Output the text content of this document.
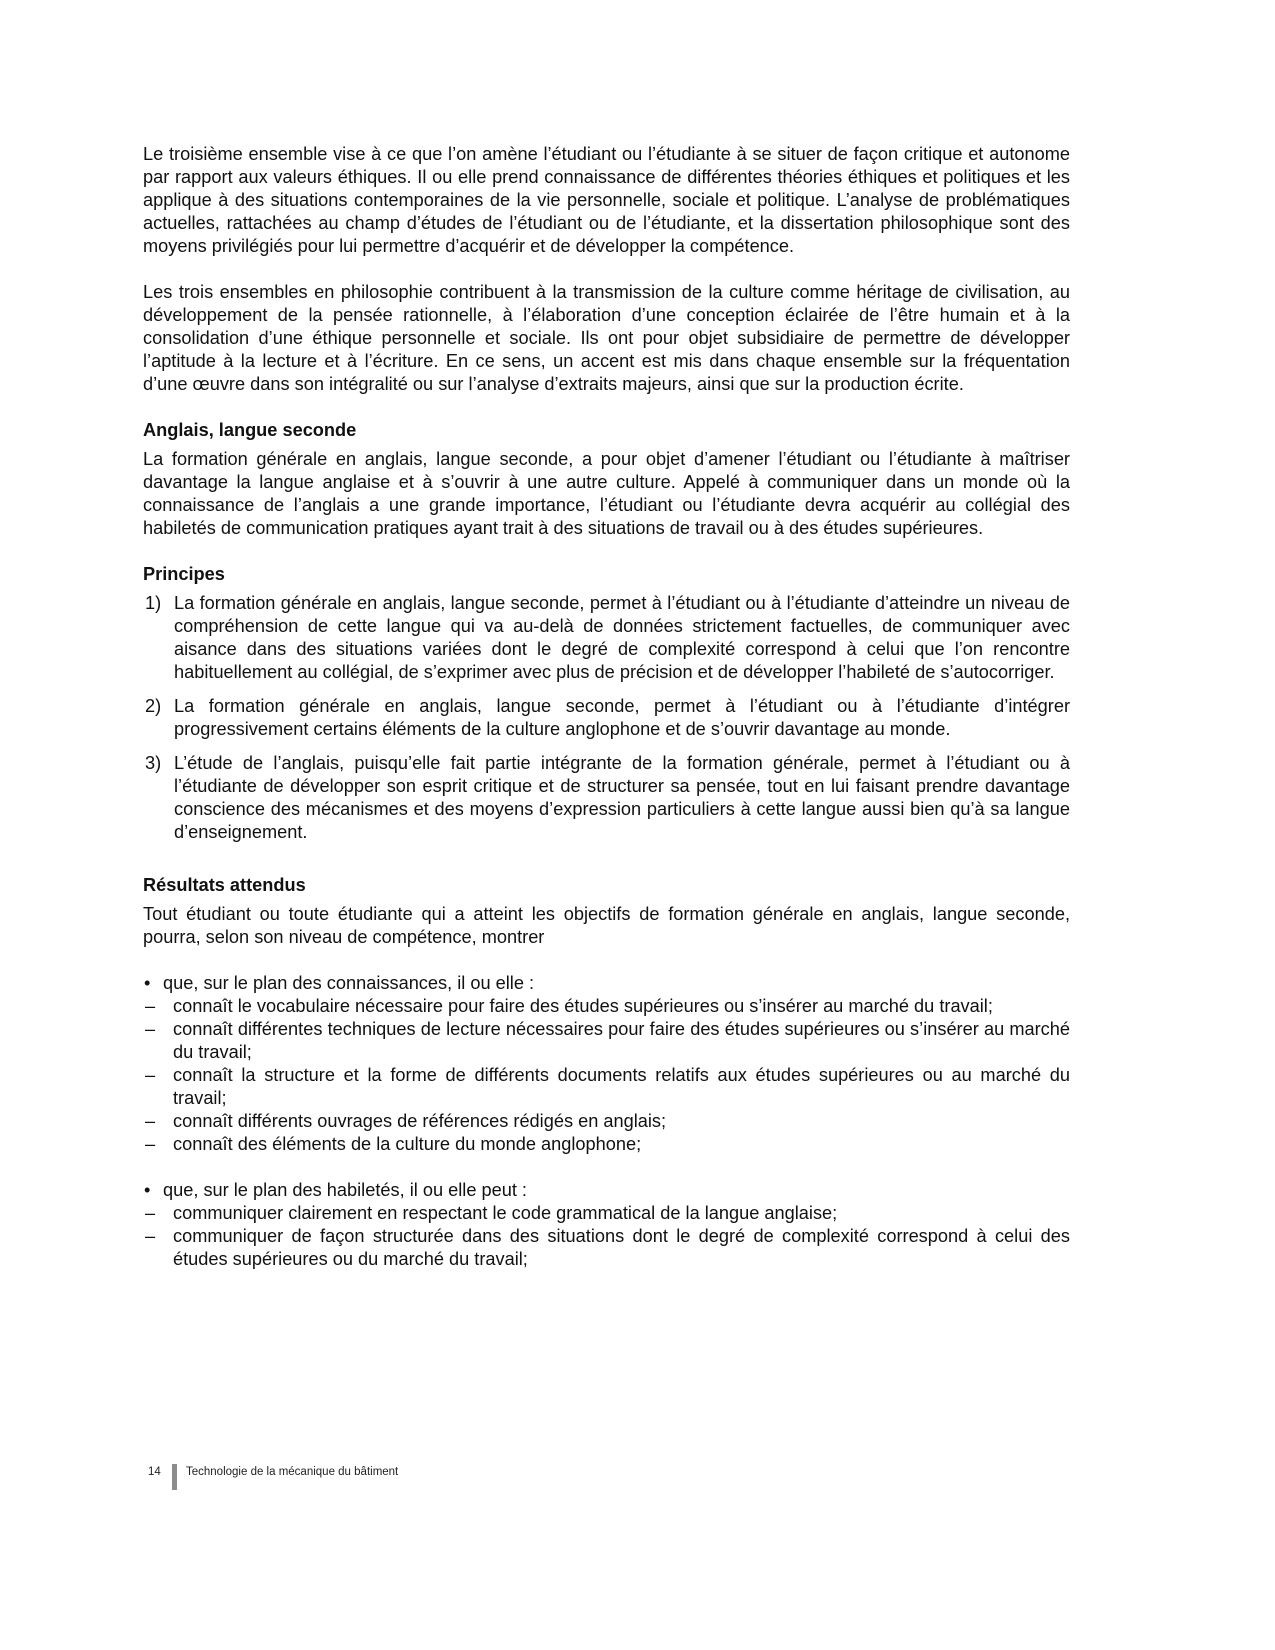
Le troisième ensemble vise à ce que l’on amène l’étudiant ou l’étudiante à se situer de façon critique et autonome par rapport aux valeurs éthiques. Il ou elle prend connaissance de différentes théories éthiques et politiques et les applique à des situations contemporaines de la vie personnelle, sociale et politique. L’analyse de problématiques actuelles, rattachées au champ d’études de l’étudiant ou de l’étudiante, et la dissertation philosophique sont des moyens privilégiés pour lui permettre d’acquérir et de développer la compétence.

Les trois ensembles en philosophie contribuent à la transmission de la culture comme héritage de civilisation, au développement de la pensée rationnelle, à l’élaboration d’une conception éclairée de l’être humain et à la consolidation d’une éthique personnelle et sociale. Ils ont pour objet subsidiaire de permettre de développer l’aptitude à la lecture et à l’écriture. En ce sens, un accent est mis dans chaque ensemble sur la fréquentation d’une œuvre dans son intégralité ou sur l’analyse d’extraits majeurs, ainsi que sur la production écrite.

Anglais, langue seconde

La formation générale en anglais, langue seconde, a pour objet d’amener l’étudiant ou l’étudiante à maîtriser davantage la langue anglaise et à s’ouvrir à une autre culture. Appelé à communiquer dans un monde où la connaissance de l’anglais a une grande importance, l’étudiant ou l’étudiante devra acquérir au collégial des habiletés de communication pratiques ayant trait à des situations de travail ou à des études supérieures.

Principes
1) La formation générale en anglais, langue seconde, permet à l’étudiant ou à l’étudiante d’atteindre un niveau de compréhension de cette langue qui va au-delà de données strictement factuelles, de communiquer avec aisance dans des situations variées dont le degré de complexité correspond à celui que l’on rencontre habituellement au collégial, de s’exprimer avec plus de précision et de développer l’habileté de s’autocorriger.
2) La formation générale en anglais, langue seconde, permet à l’étudiant ou à l’étudiante d’intégrer progressivement certains éléments de la culture anglophone et de s’ouvrir davantage au monde.
3) L’étude de l’anglais, puisqu’elle fait partie intégrante de la formation générale, permet à l’étudiant ou à l’étudiante de développer son esprit critique et de structurer sa pensée, tout en lui faisant prendre davantage conscience des mécanismes et des moyens d’expression particuliers à cette langue aussi bien qu’à sa langue d’enseignement.
Résultats attendus

Tout étudiant ou toute étudiante qui a atteint les objectifs de formation générale en anglais, langue seconde, pourra, selon son niveau de compétence, montrer

• que, sur le plan des connaissances, il ou elle :
– connaît le vocabulaire nécessaire pour faire des études supérieures ou s’insérer au marché du travail;
– connaît différentes techniques de lecture nécessaires pour faire des études supérieures ou s’insérer au marché du travail;
– connaît la structure et la forme de différents documents relatifs aux études supérieures ou au marché du travail;
– connaît différents ouvrages de références rédigés en anglais;
– connaît des éléments de la culture du monde anglophone;
• que, sur le plan des habiletés, il ou elle peut :
– communiquer clairement en respectant le code grammatical de la langue anglaise;
– communiquer de façon structurée dans des situations dont le degré de complexité correspond à celui des études supérieures ou du marché du travail;
14	Technologie de la mécanique du bâtiment
